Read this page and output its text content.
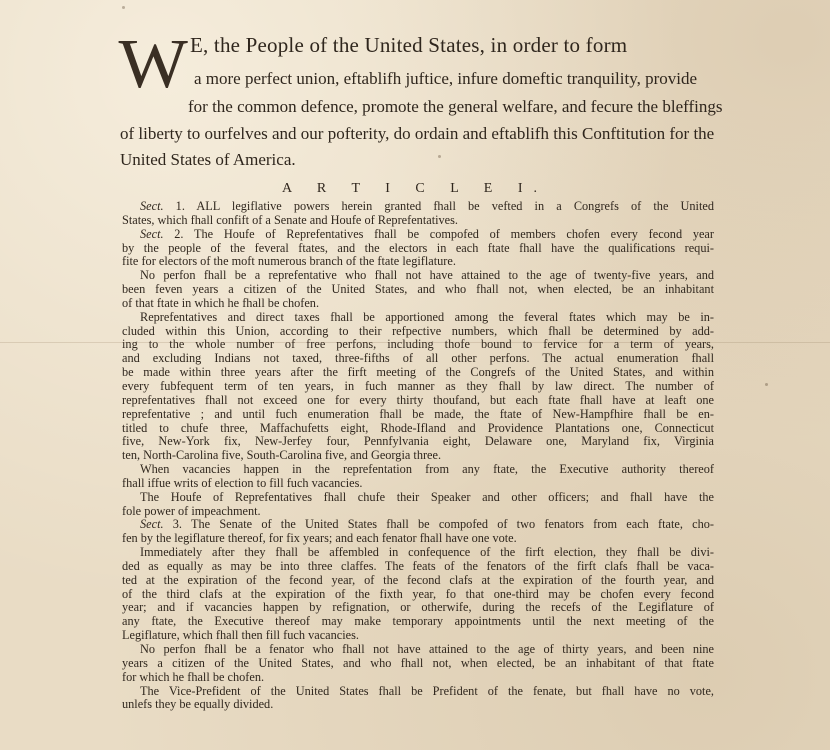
W E, the People of the United States, in order to form
a more perfect union, eftablifh juftice, infure domeftic tranquility, provide
for the common defence, promote the general welfare, and fecure the bleffings
of liberty to ourfelves and our pofterity, do ordain and eftablifh this Conftitution for the
United States of America.
A R T I C L E I.
Sect. 1. ALL legiflative powers herein granted fhall be vefted in a Congrefs of the United
States, which fhall confift of a Senate and Houfe of Reprefentatives.
Sect. 2. The Houfe of Reprefentatives fhall be compofed of members chofen every fecond year
by the people of the feveral ftates, and the electors in each ftate fhall have the qualifications requi-
fite for electors of the moft numerous branch of the ftate legiflature.
No perfon fhall be a reprefentative who fhall not have attained to the age of twenty-five years, and
been feven years a citizen of the United States, and who fhall not, when elected, be an inhabitant
of that ftate in which he fhall be chofen.
Reprefentatives and direct taxes fhall be apportioned among the feveral ftates which may be in-
cluded within this Union, according to their refpective numbers, which fhall be determined by add-
ing to the whole number of free perfons, including thofe bound to fervice for a term of years,
and excluding Indians not taxed, three-fifths of all other perfons. The actual enumeration fhall
be made within three years after the firft meeting of the Congrefs of the United States, and within
every fubfequent term of ten years, in fuch manner as they fhall by law direct. The number of
reprefentatives fhall not exceed one for every thirty thoufand, but each ftate fhall have at leaft one
reprefentative ; and until fuch enumeration fhall be made, the ftate of New-Hampfhire fhall be en-
titled to chufe three, Maffachufetts eight, Rhode-Ifland and Providence Plantations one, Connecticut
five, New-York fix, New-Jerfey four, Pennfylvania eight, Delaware one, Maryland fix, Virginia
ten, North-Carolina five, South-Carolina five, and Georgia three.
When vacancies happen in the reprefentation from any ftate, the Executive authority thereof
fhall iffue writs of election to fill fuch vacancies.
The Houfe of Reprefentatives fhall chufe their Speaker and other officers; and fhall have the
fole power of impeachment.
Sect. 3. The Senate of the United States fhall be compofed of two fenators from each ftate, cho-
fen by the legiflature thereof, for fix years; and each fenator fhall have one vote.
Immediately after they fhall be affembled in confequence of the firft election, they fhall be divi-
ded as equally as may be into three claffes. The feats of the fenators of the firft clafs fhall be vaca-
ted at the expiration of the fecond year, of the fecond clafs at the expiration of the fourth year, and
of the third clafs at the expiration of the fixth year, fo that one-third may be chofen every fecond
year; and if vacancies happen by refignation, or otherwife, during the recefs of the Legiflature of
any ftate, the Executive thereof may make temporary appointments until the next meeting of the
Legiflature, which fhall then fill fuch vacancies.
No perfon fhall be a fenator who fhall not have attained to the age of thirty years, and been nine
years a citizen of the United States, and who fhall not, when elected, be an inhabitant of that ftate
for which he fhall be chofen.
The Vice-Prefident of the United States fhall be Prefident of the fenate, but fhall have no vote,
unlefs they be equally divided.
